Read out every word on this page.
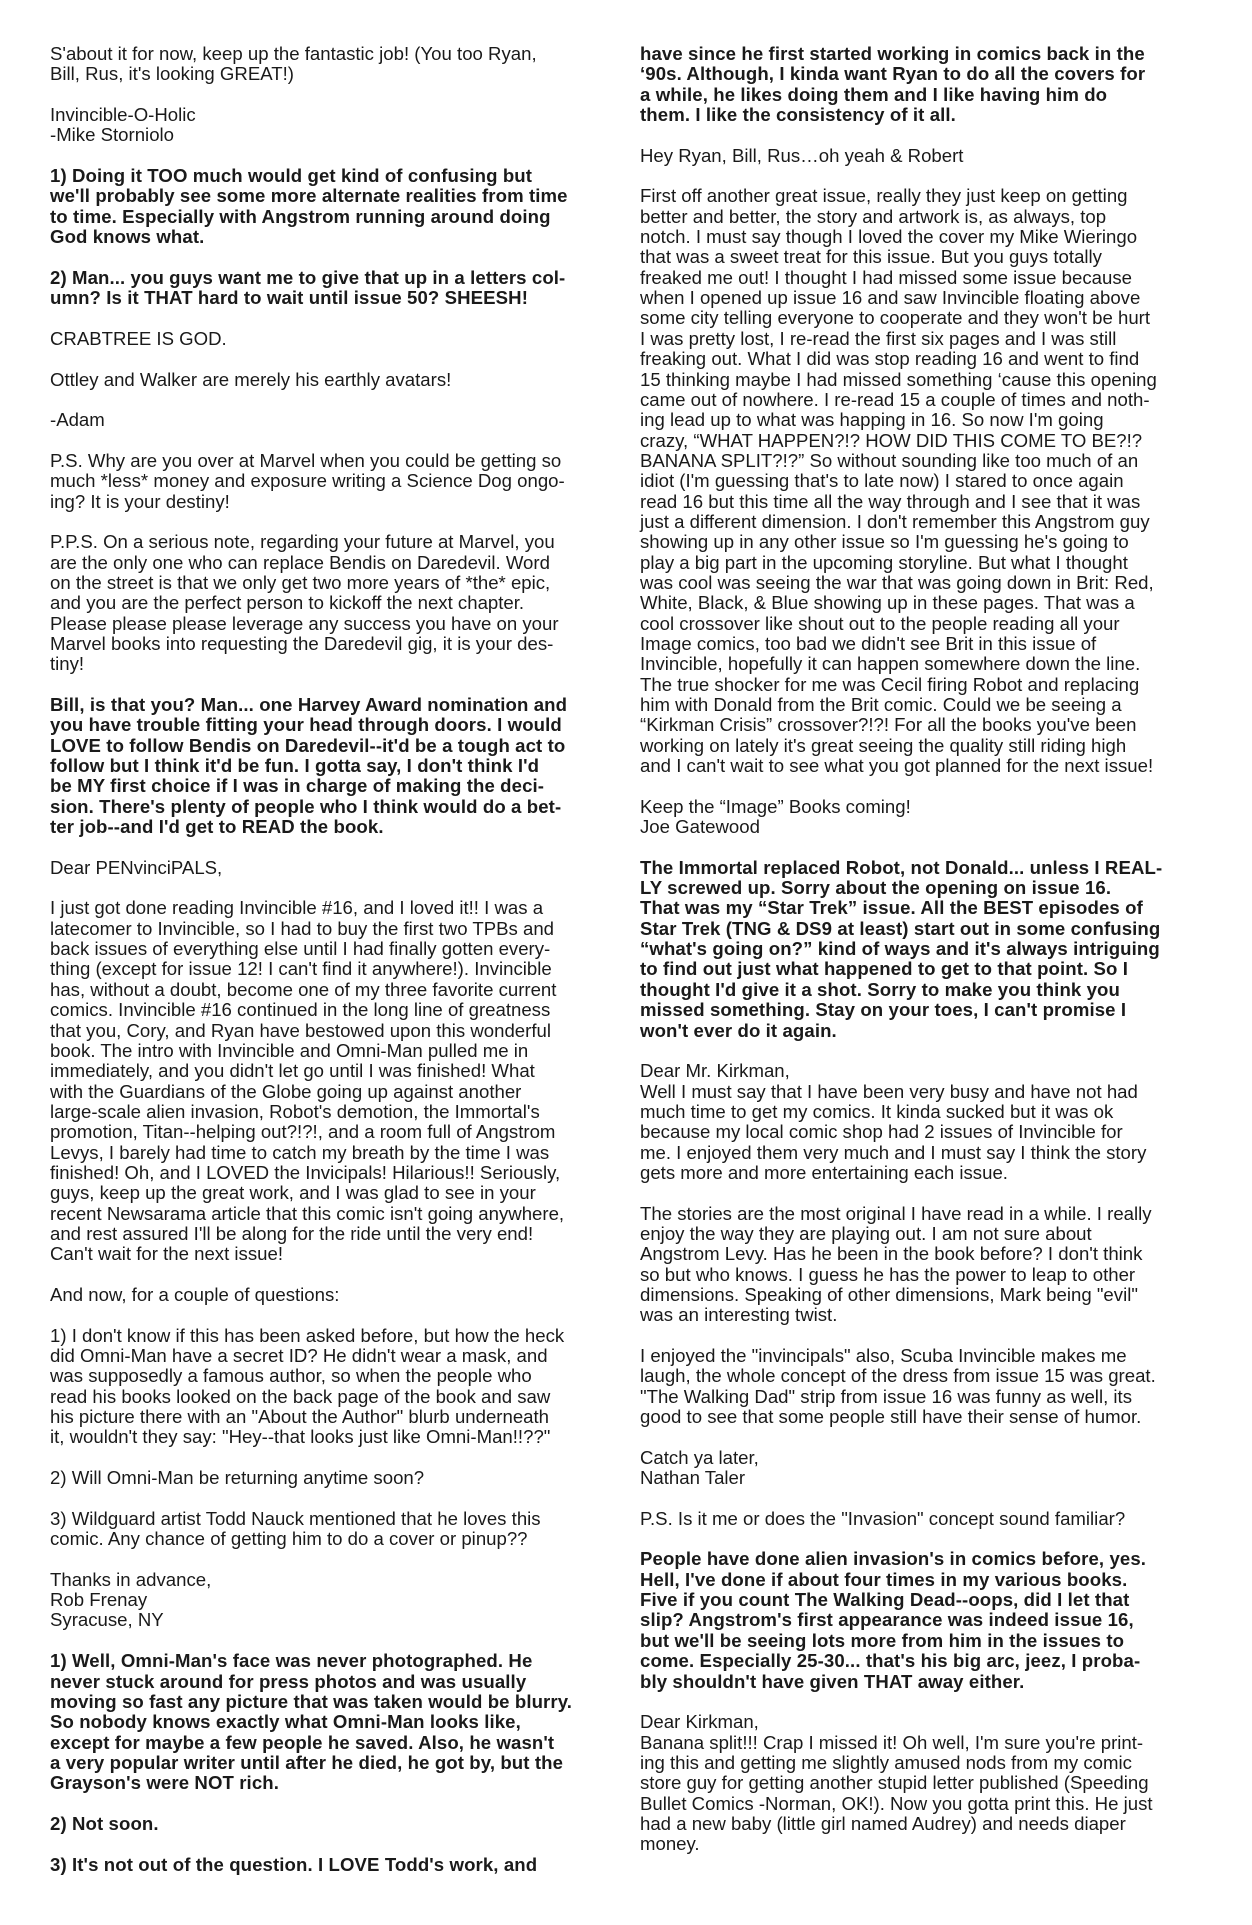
S'about it for now, keep up the fantastic job! (You too Ryan,
Bill, Rus, it's looking GREAT!)
Invincible-O-Holic
-Mike Storniolo
1) Doing it TOO much would get kind of confusing but
we'll probably see some more alternate realities from time
to time. Especially with Angstrom running around doing
God knows what.
2) Man... you guys want me to give that up in a letters col-
umn? Is it THAT hard to wait until issue 50? SHEESH!
CRABTREE IS GOD.
Ottley and Walker are merely his earthly avatars!
-Adam
P.S. Why are you over at Marvel when you could be getting so
much *less* money and exposure writing a Science Dog ongo-
ing? It is your destiny!
P.P.S. On a serious note, regarding your future at Marvel, you
are the only one who can replace Bendis on Daredevil. Word
on the street is that we only get two more years of *the* epic,
and you are the perfect person to kickoff the next chapter.
Please please please leverage any success you have on your
Marvel books into requesting the Daredevil gig, it is your des-
tiny!
Bill, is that you? Man... one Harvey Award nomination and
you have trouble fitting your head through doors. I would
LOVE to follow Bendis on Daredevil--it'd be a tough act to
follow but I think it'd be fun. I gotta say, I don't think I'd
be MY first choice if I was in charge of making the deci-
sion. There's plenty of people who I think would do a bet-
ter job--and I'd get to READ the book.
Dear PENvinciPALS,
I just got done reading Invincible #16, and I loved it!! I was a
latecomer to Invincible, so I had to buy the first two TPBs and
back issues of everything else until I had finally gotten every-
thing (except for issue 12! I can't find it anywhere!). Invincible
has, without a doubt, become one of my three favorite current
comics. Invincible #16 continued in the long line of greatness
that you, Cory, and Ryan have bestowed upon this wonderful
book. The intro with Invincible and Omni-Man pulled me in
immediately, and you didn't let go until I was finished! What
with the Guardians of the Globe going up against another
large-scale alien invasion, Robot's demotion, the Immortal's
promotion, Titan--helping out?!?!, and a room full of Angstrom
Levys, I barely had time to catch my breath by the time I was
finished! Oh, and I LOVED the Invicipals! Hilarious!! Seriously,
guys, keep up the great work, and I was glad to see in your
recent Newsarama article that this comic isn't going anywhere,
and rest assured I'll be along for the ride until the very end!
Can't wait for the next issue!
And now, for a couple of questions:
1) I don't know if this has been asked before, but how the heck
did Omni-Man have a secret ID? He didn't wear a mask, and
was supposedly a famous author, so when the people who
read his books looked on the back page of the book and saw
his picture there with an "About the Author" blurb underneath
it, wouldn't they say: "Hey--that looks just like Omni-Man!!??"
2) Will Omni-Man be returning anytime soon?
3) Wildguard artist Todd Nauck mentioned that he loves this
comic. Any chance of getting him to do a cover or pinup??
Thanks in advance,
Rob Frenay
Syracuse, NY
1) Well, Omni-Man's face was never photographed. He
never stuck around for press photos and was usually
moving so fast any picture that was taken would be blurry.
So nobody knows exactly what Omni-Man looks like,
except for maybe a few people he saved. Also, he wasn't
a very popular writer until after he died, he got by, but the
Grayson's were NOT rich.
2) Not soon.
3) It's not out of the question. I LOVE Todd's work, and
have since he first started working in comics back in the
‘90s. Although, I kinda want Ryan to do all the covers for
a while, he likes doing them and I like having him do
them. I like the consistency of it all.
Hey Ryan, Bill, Rus…oh yeah & Robert
First off another great issue, really they just keep on getting
better and better, the story and artwork is, as always, top
notch. I must say though I loved the cover my Mike Wieringo
that was a sweet treat for this issue. But you guys totally
freaked me out! I thought I had missed some issue because
when I opened up issue 16 and saw Invincible floating above
some city telling everyone to cooperate and they won't be hurt
I was pretty lost, I re-read the first six pages and I was still
freaking out. What I did was stop reading 16 and went to find
15 thinking maybe I had missed something ‘cause this opening
came out of nowhere. I re-read 15 a couple of times and noth-
ing lead up to what was happing in 16. So now I'm going
crazy, “WHAT HAPPEN?!? HOW DID THIS COME TO BE?!?
BANANA SPLIT?!?” So without sounding like too much of an
idiot (I'm guessing that's to late now) I stared to once again
read 16 but this time all the way through and I see that it was
just a different dimension. I don't remember this Angstrom guy
showing up in any other issue so I'm guessing he's going to
play a big part in the upcoming storyline. But what I thought
was cool was seeing the war that was going down in Brit: Red,
White, Black, & Blue showing up in these pages. That was a
cool crossover like shout out to the people reading all your
Image comics, too bad we didn't see Brit in this issue of
Invincible, hopefully it can happen somewhere down the line.
The true shocker for me was Cecil firing Robot and replacing
him with Donald from the Brit comic. Could we be seeing a
“Kirkman Crisis” crossover?!?! For all the books you've been
working on lately it's great seeing the quality still riding high
and I can't wait to see what you got planned for the next issue!
Keep the “Image” Books coming!
Joe Gatewood
The Immortal replaced Robot, not Donald... unless I REAL-
LY screwed up. Sorry about the opening on issue 16.
That was my “Star Trek” issue. All the BEST episodes of
Star Trek (TNG & DS9 at least) start out in some confusing
“what's going on?” kind of ways and it's always intriguing
to find out just what happened to get to that point. So I
thought I'd give it a shot. Sorry to make you think you
missed something. Stay on your toes, I can't promise I
won't ever do it again.
Dear Mr. Kirkman,
Well I must say that I have been very busy and have not had
much time to get my comics. It kinda sucked but it was ok
because my local comic shop had 2 issues of Invincible for
me. I enjoyed them very much and I must say I think the story
gets more and more entertaining each issue.
The stories are the most original I have read in a while. I really
enjoy the way they are playing out. I am not sure about
Angstrom Levy. Has he been in the book before? I don't think
so but who knows. I guess he has the power to leap to other
dimensions. Speaking of other dimensions, Mark being "evil"
was an interesting twist.
I enjoyed the "invincipals" also, Scuba Invincible makes me
laugh, the whole concept of the dress from issue 15 was great.
"The Walking Dad" strip from issue 16 was funny as well, its
good to see that some people still have their sense of humor.
Catch ya later,
Nathan Taler
P.S. Is it me or does the "Invasion" concept sound familiar?
People have done alien invasion's in comics before, yes.
Hell, I've done if about four times in my various books.
Five if you count The Walking Dead--oops, did I let that
slip? Angstrom's first appearance was indeed issue 16,
but we'll be seeing lots more from him in the issues to
come. Especially 25-30... that's his big arc, jeez, I proba-
bly shouldn't have given THAT away either.
Dear Kirkman,
Banana split!!! Crap I missed it! Oh well, I'm sure you're print-
ing this and getting me slightly amused nods from my comic
store guy for getting another stupid letter published (Speeding
Bullet Comics -Norman, OK!). Now you gotta print this. He just
had a new baby (little girl named Audrey) and needs diaper
money.
